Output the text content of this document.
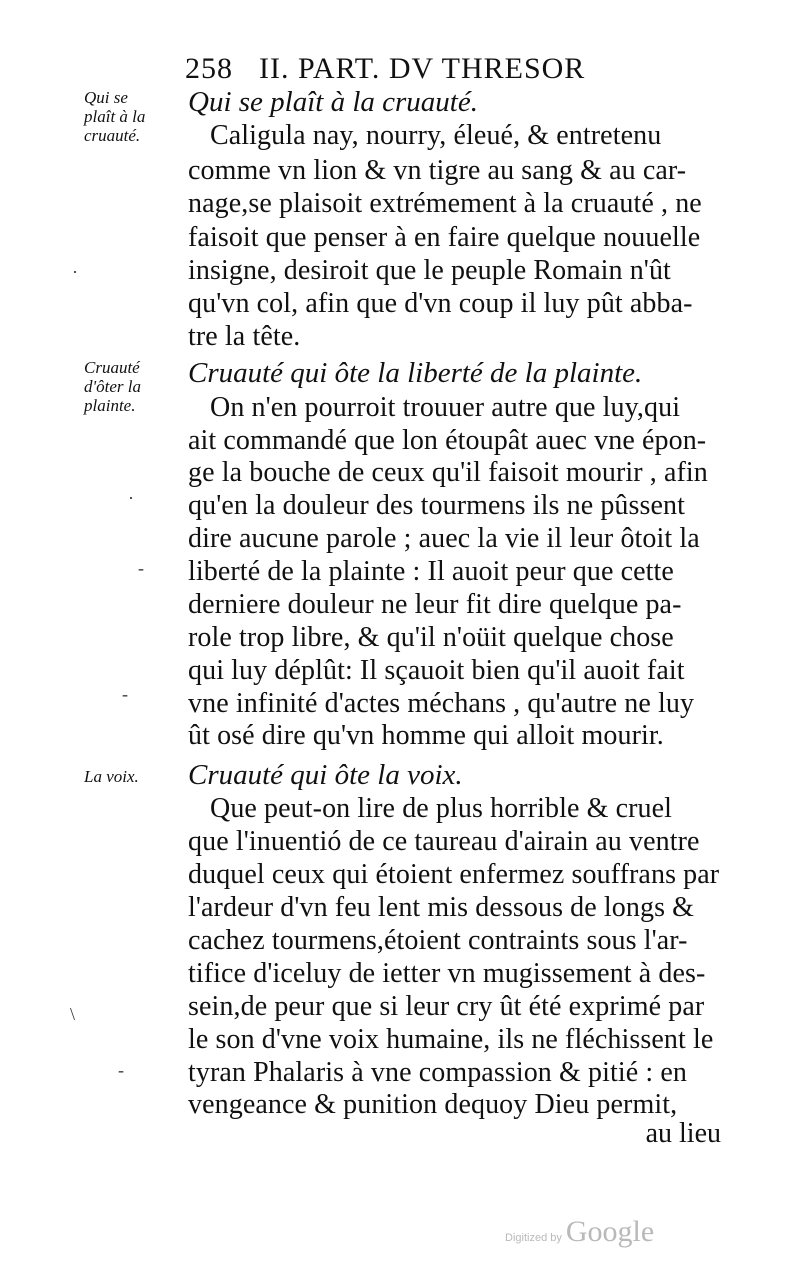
258 II. PART. DV THRESOR
Qui se
plaît à la
cruauté.
Cruauté
d'ôter la
plainte.
La voix.
Qui se plaît à la cruauté.
Caligula nay, nourry, éleué, & entretenu
comme vn lion & vn tigre au sang & au car-
nage,se plaisoit extrémement à la cruauté , ne
faisoit que penser à en faire quelque nouuelle
insigne, desiroit que le peuple Romain n'ût
qu'vn col, afin que d'vn coup il luy pût abba-
tre la tête.
Cruauté qui ôte la liberté de la plainte.
On n'en pourroit trouuer autre que luy,qui
ait commandé que lon étoupât auec vne épon-
ge la bouche de ceux qu'il faisoit mourir , afin
qu'en la douleur des tourmens ils ne pûssent
dire aucune parole ; auec la vie il leur ôtoit la
liberté de la plainte : Il auoit peur que cette
derniere douleur ne leur fit dire quelque pa-
role trop libre, & qu'il n'oüit quelque chose
qui luy déplût: Il sçauoit bien qu'il auoit fait
vne infinité d'actes méchans , qu'autre ne luy
ût osé dire qu'vn homme qui alloit mourir.
Cruauté qui ôte la voix.
Que peut-on lire de plus horrible & cruel
que l'inuentió de ce taureau d'airain au ventre
duquel ceux qui étoient enfermez souffrans par
l'ardeur d'vn feu lent mis dessous de longs &
cachez tourmens,étoient contraints sous l'ar-
tifice d'iceluy de ietter vn mugissement à des-
sein,de peur que si leur cry ût été exprimé par
le son d'vne voix humaine, ils ne fléchissent le
tyran Phalaris à vne compassion & pitié : en
vengeance & punition dequoy Dieu permit,
au lieu
·
·
-
-
\
-
Digitized by Google
